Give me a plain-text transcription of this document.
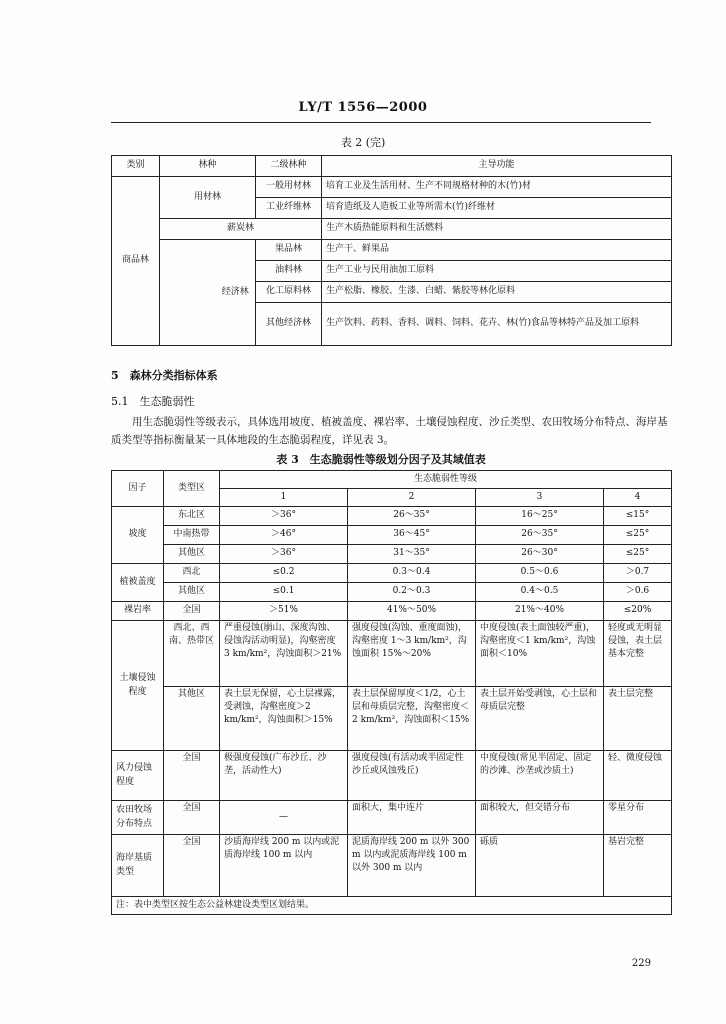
LY/T 1556—2000
表 2 (完)
类别	林种		二级林种	主导功能
商品林	用材林		一般用材林	培育工业及生活用材、生产不同规格材种的木(竹)材
			工业纤维林	培育造纸及人造板工业等所需木(竹)纤维材
	薪炭林			生产木质热能原料和生活燃料
		经济林	果品林	生产干、鲜果品
			油料林	生产工业与民用油加工原料
			化工原料林	生产松脂、橡胶、生漆、白蜡、紫胶等林化原料
			其他经济林	生产饮料、药料、香料、调料、饲料、花卉、林(竹)食品等林特产品及加工原料
5　森林分类指标体系
5.1　生态脆弱性
用生态脆弱性等级表示，具体选用坡度、植被盖度、裸岩率、土壤侵蚀程度、沙丘类型、农田牧场分布特点、海岸基质类型等指标衡量某一具体地段的生态脆弱程度，详见表 3。
表 3　生态脆弱性等级划分因子及其域值表
因子	类型区	生态脆弱性等级			
		1	2	3	4
坡度	东北区	＞36°	26～35°	16～25°	≤15°
	中南热带	＞46°	36～45°	26～35°	≤25°
	其他区	＞36°	31～35°	26～30°	≤25°
植被盖度	西北	≤0.2	0.3～0.4	0.5～0.6	＞0.7
	其他区	≤0.1	0.2～0.3	0.4～0.5	＞0.6
裸岩率	全国	＞51%	41%～50%	21%～40%	≤20%
土壤侵蚀程度	西北、西南、热带区	严重侵蚀(崩山、深度沟蚀、侵蚀沟活动明显)，沟壑密度 3 km/km²，沟蚀面积＞21%	强度侵蚀(沟蚀、重度面蚀)，沟壑密度 1～3 km/km²，沟蚀面积 15%～20%	中度侵蚀(表土面蚀较严重)，沟壑密度＜1 km/km²，沟蚀面积＜10%	轻度或无明显侵蚀，表土层基本完整
	其他区	表土层无保留，心土层裸露，受剥蚀，沟壑密度＞2 km/km²，沟蚀面积＞15%	表土层保留厚度＜1/2，心土层和母质层完整，沟壑密度＜2 km/km²，沟蚀面积＜15%	表土层开始受剥蚀，心土层和母质层完整	表土层完整
风力侵蚀程度	全国	极强度侵蚀(广布沙丘、沙垄，活动性大)	强度侵蚀(有活动或半固定性沙丘或风蚀残丘)	中度侵蚀(常见半固定、固定的沙滩、沙垄或沙质土)	轻、微度侵蚀
农田牧场分布特点	全国	—	面积大，集中连片	面积较大，但交错分布	零星分布
海岸基质类型	全国	沙质海岸线 200 m 以内或泥质海岸线 100 m 以内	泥质海岸线 200 m 以外 300 m 以内或泥质海岸线 100 m 以外 300 m 以内	砾质	基岩完整
注：表中类型区按生态公益林建设类型区划结果。					
229
